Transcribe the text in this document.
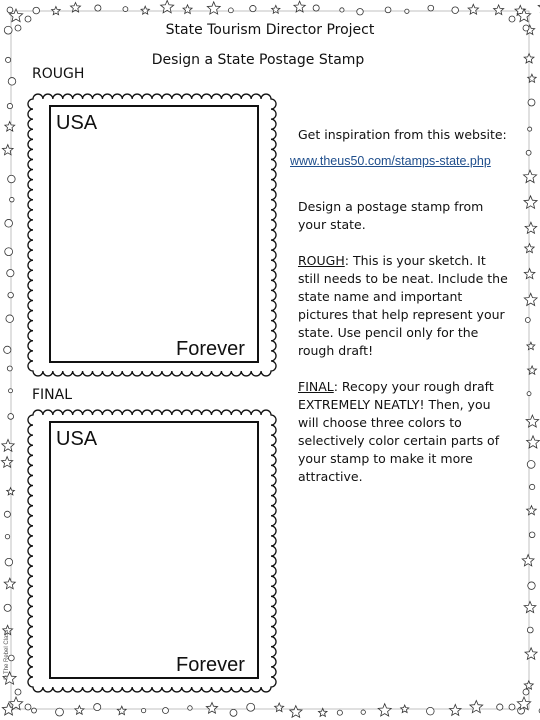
© The Rebel Class
State Tourism Director Project
Design a State Postage Stamp
ROUGH
FINAL
USA
Forever
USA
Forever

Get inspiration from this website:

www.theus50.com/stamps-state.php

Design a postage stamp from your state.

ROUGH: This is your sketch. It still needs to be neat. Include the state name and important pictures that help represent your state. Use pencil only for the rough draft!

FINAL: Recopy your rough draft EXTREMELY NEATLY! Then, you will choose three colors to selectively color certain parts of your stamp to make it more attractive.
